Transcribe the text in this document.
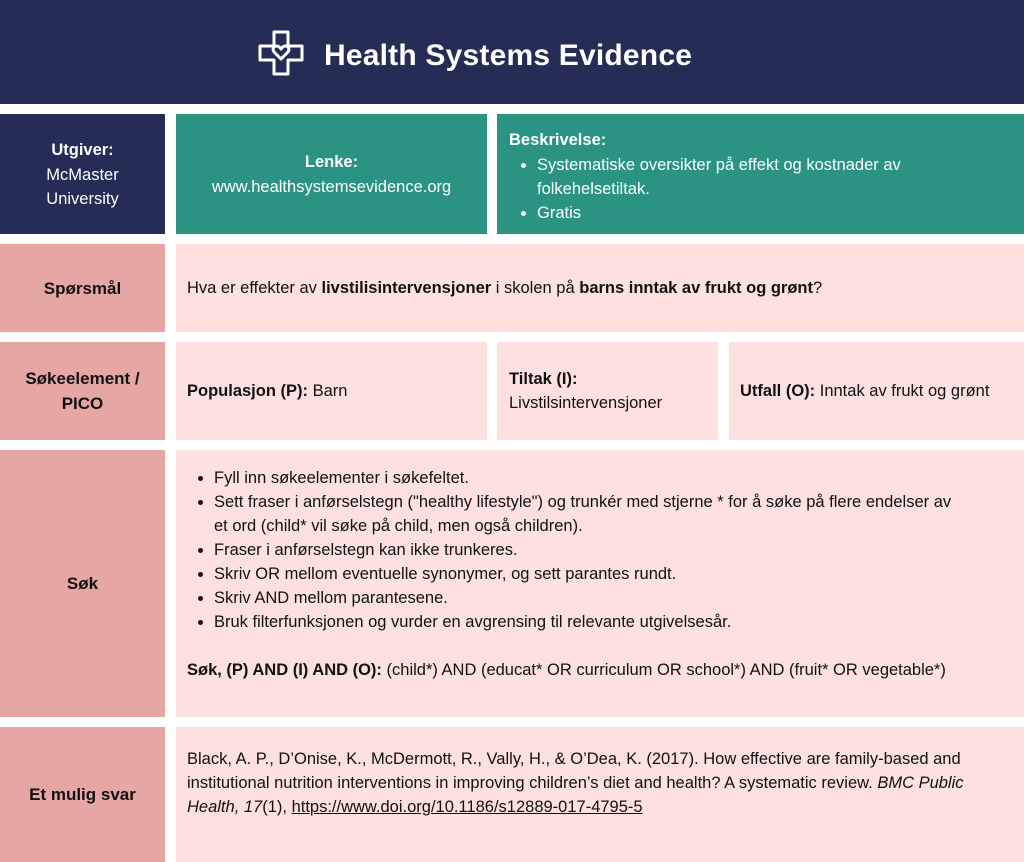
Health Systems Evidence
Utgiver:
McMaster University
Lenke:
www.healthsystemsevidence.org
Beskrivelse:
• Systematiske oversikter på effekt og kostnader av folkehelsetiltak.
• Gratis
Spørsmål	Hva er effekter av livstilisintervensjoner i skolen på barns inntak av frukt og grønt?
Søkeelement / PICO
Populasjon (P): Barn
Tiltak (I):
Livstilsintervensjoner
Utfall (O): Inntak av frukt og grønt
Søk
• Fyll inn søkeelementer i søkefeltet.
• Sett fraser i anførselstegn ("healthy lifestyle") og trunkér med stjerne * for å søke på flere endelser av et ord (child* vil søke på child, men også children).
• Fraser i anførselstegn kan ikke trunkeres.
• Skriv OR mellom eventuelle synonymer, og sett parantes rundt.
• Skriv AND mellom parantesene.
• Bruk filterfunksjonen og vurder en avgrensing til relevante utgivelsesår.
Søk, (P) AND (I) AND (O): (child*) AND (educat* OR curriculum OR school*) AND (fruit* OR vegetable*)
Et mulig svar
Black, A. P., D’Onise, K., McDermott, R., Vally, H., & O’Dea, K. (2017). How effective are family-based and institutional nutrition interventions in improving children’s diet and health? A systematic review. BMC Public Health, 17(1), https://www.doi.org/10.1186/s12889-017-4795-5
